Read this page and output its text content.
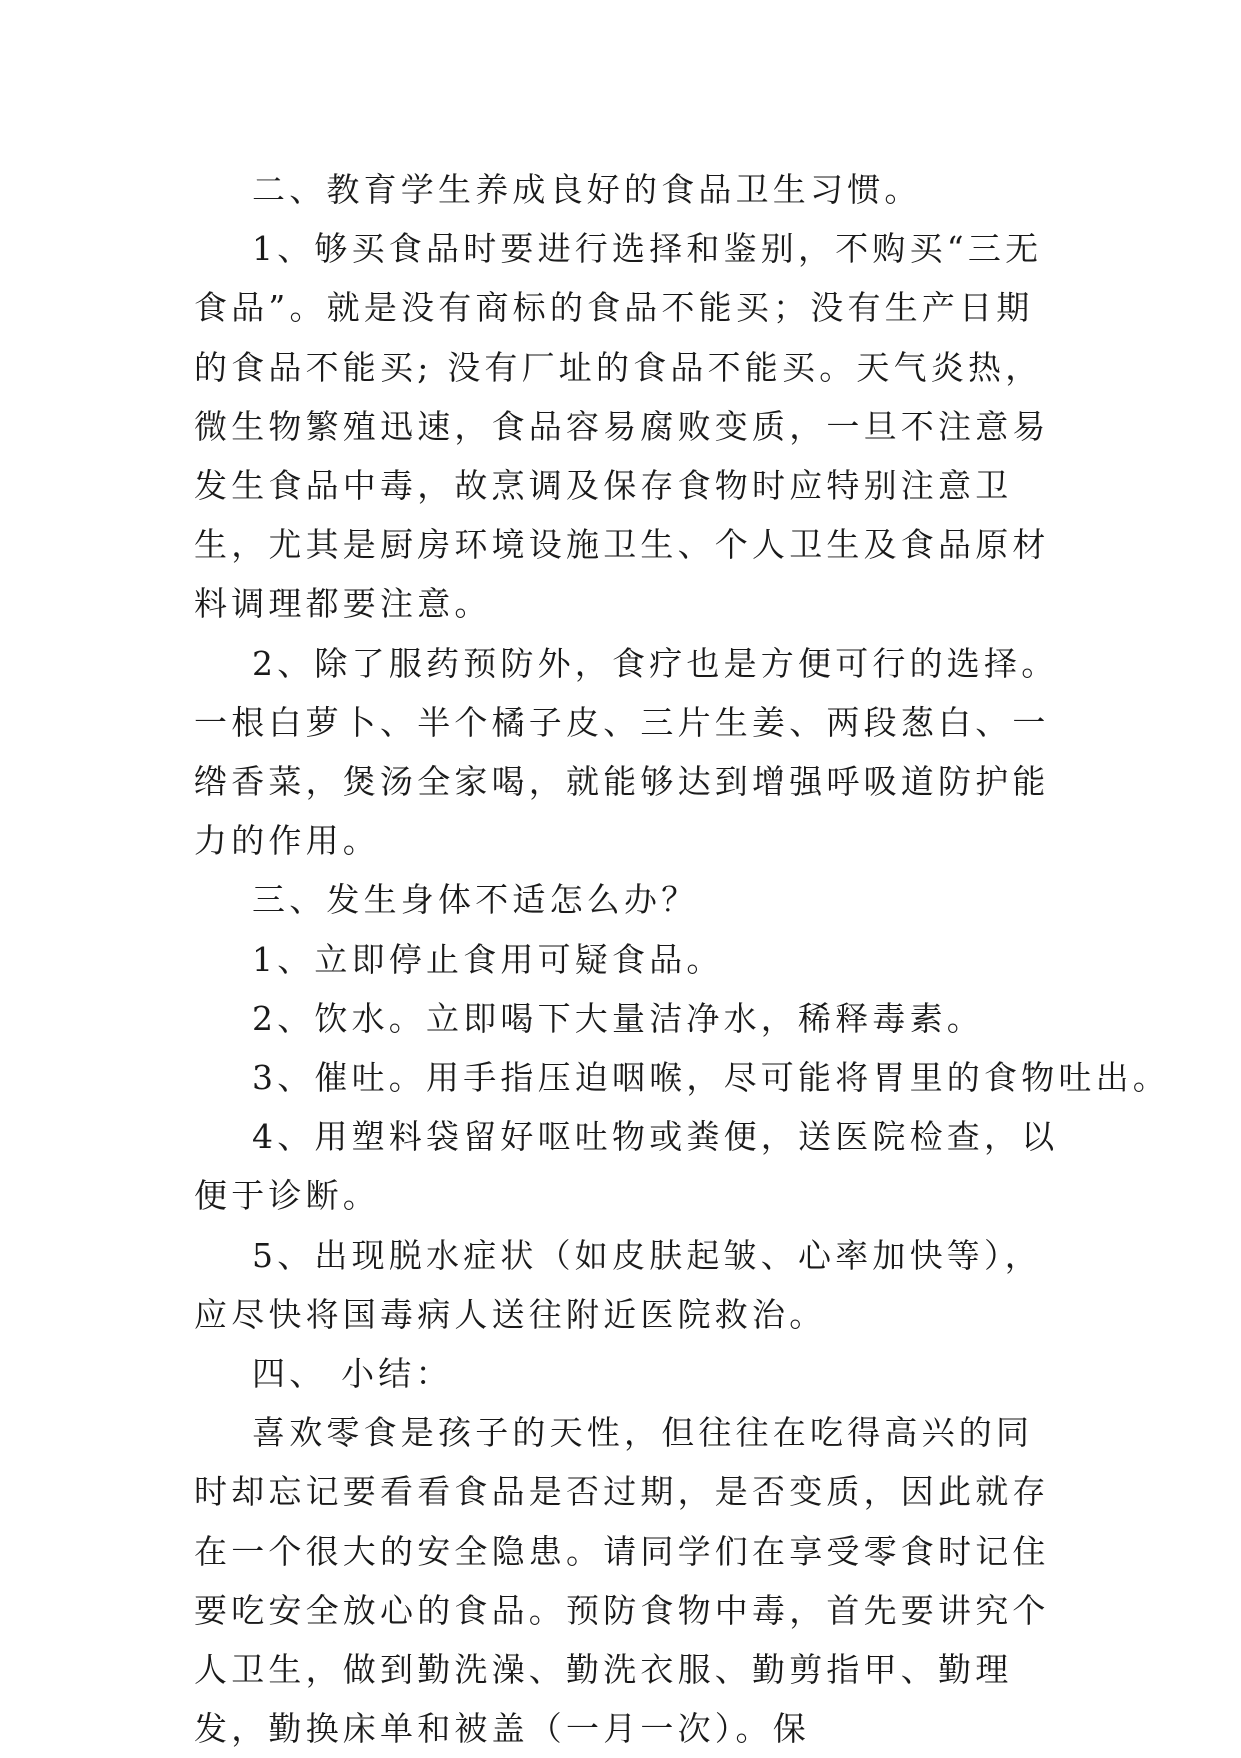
二、教育学生养成良好的食品卫生习惯。

1、够买食品时要进行选择和鉴别，不购买“三无食品”。就是没有商标的食品不能买；没有生产日期的食品不能买; 没有厂址的食品不能买。天气炎热，微生物繁殖迅速，食品容易腐败变质，一旦不注意易发生食品中毒，故烹调及保存食物时应特别注意卫生，尤其是厨房环境设施卫生、个人卫生及食品原材料调理都要注意。

2、除了服药预防外，食疗也是方便可行的选择。一根白萝卜、半个橘子皮、三片生姜、两段葱白、一绺香菜，煲汤全家喝，就能够达到增强呼吸道防护能力的作用。

三、发生身体不适怎么办？

1、立即停止食用可疑食品。

2、饮水。立即喝下大量洁净水，稀释毒素。

3、催吐。用手指压迫咽喉，尽可能将胃里的食物吐出。

4、用塑料袋留好呕吐物或粪便，送医院检查，以便于诊断。

5、出现脱水症状（如皮肤起皱、心率加快等），应尽快将国毒病人送往附近医院救治。

四、 小结：

喜欢零食是孩子的天性，但往往在吃得高兴的同时却忘记要看看食品是否过期，是否变质，因此就存在一个很大的安全隐患。请同学们在享受零食时记住要吃安全放心的食品。预防食物中毒，首先要讲究个人卫生，做到勤洗澡、勤洗衣服、勤剪指甲、勤理发，勤换床单和被盖（一月一次）。保
